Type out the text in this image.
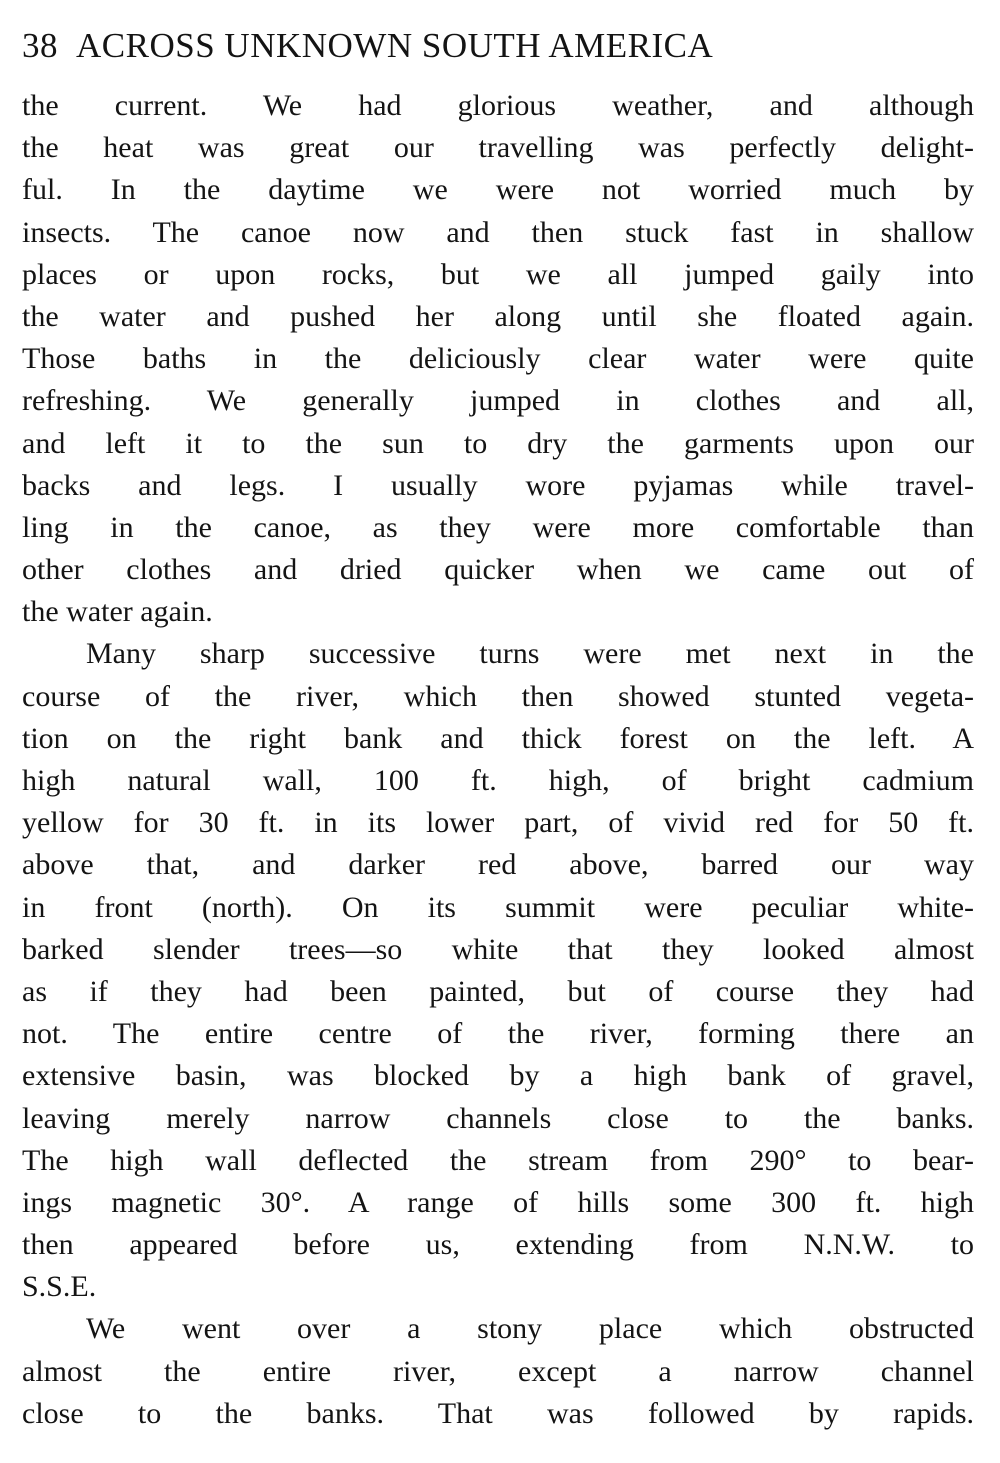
38 ACROSS UNKNOWN SOUTH AMERICA
the current. We had glorious weather, and although
the heat was great our travelling was perfectly delight-
ful. In the daytime we were not worried much by
insects. The canoe now and then stuck fast in shallow
places or upon rocks, but we all jumped gaily into
the water and pushed her along until she floated again.
Those baths in the deliciously clear water were quite
refreshing. We generally jumped in clothes and all,
and left it to the sun to dry the garments upon our
backs and legs. I usually wore pyjamas while travel-
ling in the canoe, as they were more comfortable than
other clothes and dried quicker when we came out of
the water again.
Many sharp successive turns were met next in the
course of the river, which then showed stunted vegeta-
tion on the right bank and thick forest on the left. A
high natural wall, 100 ft. high, of bright cadmium
yellow for 30 ft. in its lower part, of vivid red for 50 ft.
above that, and darker red above, barred our way
in front (north). On its summit were peculiar white-
barked slender trees—so white that they looked almost
as if they had been painted, but of course they had
not. The entire centre of the river, forming there an
extensive basin, was blocked by a high bank of gravel,
leaving merely narrow channels close to the banks.
The high wall deflected the stream from 290° to bear-
ings magnetic 30°. A range of hills some 300 ft. high
then appeared before us, extending from N.N.W. to
S.S.E.
We went over a stony place which obstructed
almost the entire river, except a narrow channel
close to the banks. That was followed by rapids.
